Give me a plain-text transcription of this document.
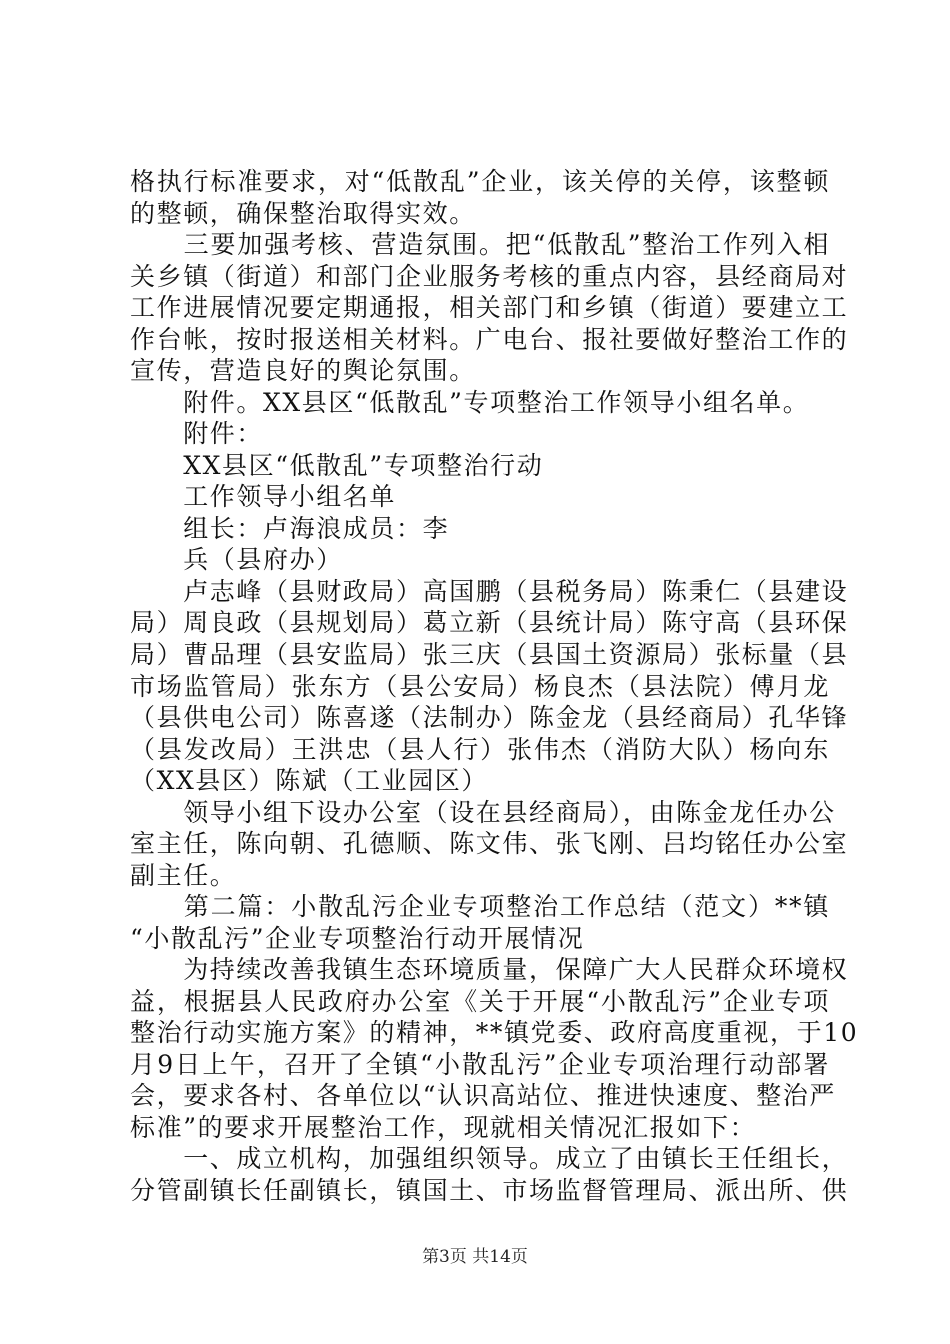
格执行标准要求，对“低散乱”企业，该关停的关停，该整顿
的整顿，确保整治取得实效。
　　三要加强考核、营造氛围。把“低散乱”整治工作列入相
关乡镇（街道）和部门企业服务考核的重点内容，县经商局对
工作进展情况要定期通报，相关部门和乡镇（街道）要建立工
作台帐，按时报送相关材料。广电台、报社要做好整治工作的
宣传，营造良好的舆论氛围。
　　附件。XX县区“低散乱”专项整治工作领导小组名单。
　　附件：
　　XX县区“低散乱”专项整治行动
　　工作领导小组名单
　　组长：卢海浪成员：李
　　兵（县府办）
　　卢志峰（县财政局）高国鹏（县税务局）陈秉仁（县建设
局）周良政（县规划局）葛立新（县统计局）陈守高（县环保
局）曹品理（县安监局）张三庆（县国土资源局）张标量（县
市场监管局）张东方（县公安局）杨良杰（县法院）傅月龙
（县供电公司）陈喜遂（法制办）陈金龙（县经商局）孔华锋
（县发改局）王洪忠（县人行）张伟杰（消防大队）杨向东
（XX县区）陈斌（工业园区）
　　领导小组下设办公室（设在县经商局），由陈金龙任办公
室主任，陈向朝、孔德顺、陈文伟、张飞刚、吕均铭任办公室
副主任。
　　第二篇：小散乱污企业专项整治工作总结（范文）**镇
“小散乱污”企业专项整治行动开展情况
　　为持续改善我镇生态环境质量，保障广大人民群众环境权
益，根据县人民政府办公室《关于开展“小散乱污”企业专项
整治行动实施方案》的精神，**镇党委、政府高度重视，于10
月9日上午，召开了全镇“小散乱污”企业专项治理行动部署
会，要求各村、各单位以“认识高站位、推进快速度、整治严
标准”的要求开展整治工作，现就相关情况汇报如下：
　　一、成立机构，加强组织领导。成立了由镇长王任组长，
分管副镇长任副镇长，镇国土、市场监督管理局、派出所、供
第3页 共14页
